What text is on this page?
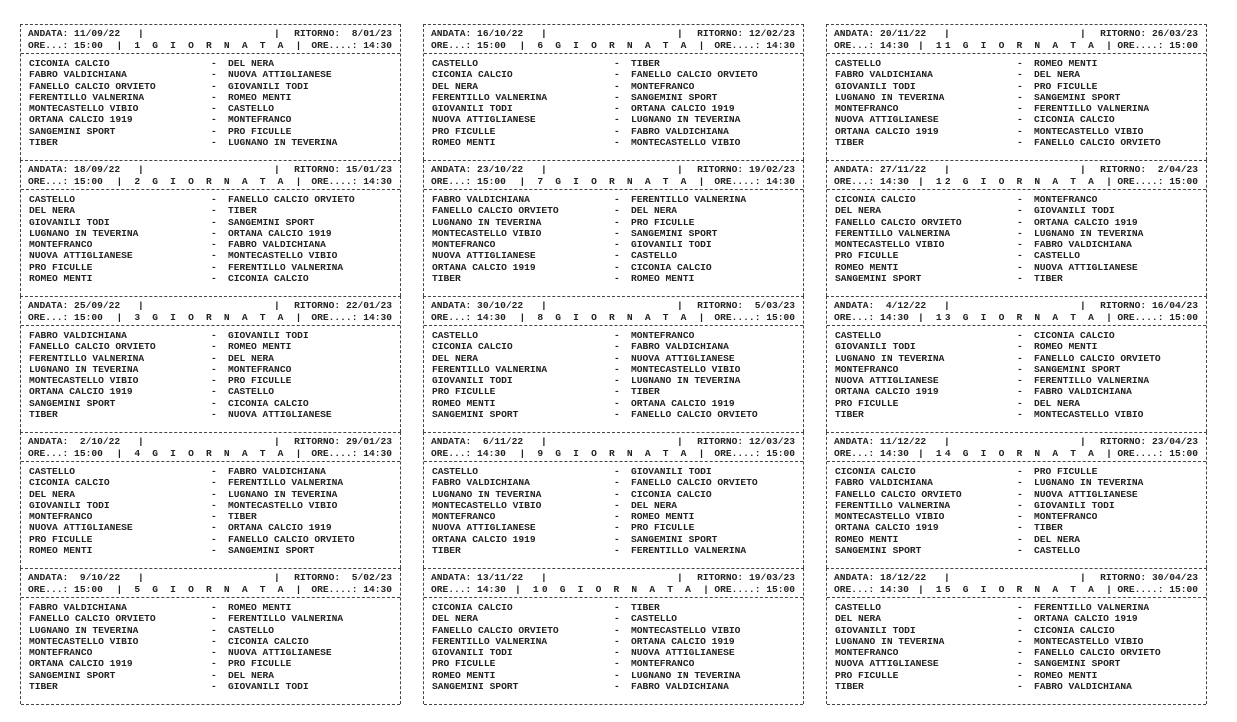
ANDATA: 11/09/22 |	| RITORNO:  8/01/23
ORE...: 15:00	| 1 G I O R N A T A | ORE....: 14:30
CICONIA CALCIO	- DEL NERA
FABRO VALDICHIANA	- NUOVA ATTIGLIANESE
FANELLO CALCIO ORVIETO	- GIOVANILI TODI
FERENTILLO VALNERINA	- ROMEO MENTI
MONTECASTELLO VIBIO	- CASTELLO
ORTANA CALCIO 1919	- MONTEFRANCO
SANGEMINI SPORT	- PRO FICULLE
TIBER	- LUGNANO IN TEVERINA
ANDATA: 16/10/22 |	| RITORNO: 12/02/23
ORE...: 15:00	| 6 G I O R N A T A | ORE....: 14:30
CASTELLO	- TIBER
CICONIA CALCIO	- FANELLO CALCIO ORVIETO
DEL NERA	- MONTEFRANCO
FERENTILLO VALNERINA	- SANGEMINI SPORT
GIOVANILI TODI	- ORTANA CALCIO 1919
NUOVA ATTIGLIANESE	- LUGNANO IN TEVERINA
PRO FICULLE	- FABRO VALDICHIANA
ROMEO MENTI	- MONTECASTELLO VIBIO
ANDATA: 20/11/22 |	| RITORNO: 26/03/23
ORE...: 14:30 | 11 G I O R N A T A | ORE....: 15:00
CASTELLO	- ROMEO MENTI
FABRO VALDICHIANA	- DEL NERA
GIOVANILI TODI	- PRO FICULLE
LUGNANO IN TEVERINA	- SANGEMINI SPORT
MONTEFRANCO	- FERENTILLO VALNERINA
NUOVA ATTIGLIANESE	- CICONIA CALCIO
ORTANA CALCIO 1919	- MONTECASTELLO VIBIO
TIBER	- FANELLO CALCIO ORVIETO
ANDATA: 18/09/22 |	| RITORNO: 15/01/23
ORE...: 15:00	| 2 G I O R N A T A | ORE....: 14:30
CASTELLO	- FANELLO CALCIO ORVIETO
DEL NERA	- TIBER
GIOVANILI TODI	- SANGEMINI SPORT
LUGNANO IN TEVERINA	- ORTANA CALCIO 1919
MONTEFRANCO	- FABRO VALDICHIANA
NUOVA ATTIGLIANESE	- MONTECASTELLO VIBIO
PRO FICULLE	- FERENTILLO VALNERINA
ROMEO MENTI	- CICONIA CALCIO
ANDATA: 23/10/22 |	| RITORNO: 19/02/23
ORE...: 15:00	| 7 G I O R N A T A | ORE....: 14:30
FABRO VALDICHIANA	- FERENTILLO VALNERINA
FANELLO CALCIO ORVIETO	- DEL NERA
LUGNANO IN TEVERINA	- PRO FICULLE
MONTECASTELLO VIBIO	- SANGEMINI SPORT
MONTEFRANCO	- GIOVANILI TODI
NUOVA ATTIGLIANESE	- CASTELLO
ORTANA CALCIO 1919	- CICONIA CALCIO
TIBER	- ROMEO MENTI
ANDATA: 27/11/22 |	| RITORNO:  2/04/23
ORE...: 14:30 | 12 G I O R N A T A | ORE....: 15:00
CICONIA CALCIO	- MONTEFRANCO
DEL NERA	- GIOVANILI TODI
FANELLO CALCIO ORVIETO	- ORTANA CALCIO 1919
FERENTILLO VALNERINA	- LUGNANO IN TEVERINA
MONTECASTELLO VIBIO	- FABRO VALDICHIANA
PRO FICULLE	- CASTELLO
ROMEO MENTI	- NUOVA ATTIGLIANESE
SANGEMINI SPORT	- TIBER
ANDATA: 25/09/22 |	| RITORNO: 22/01/23
ORE...: 15:00	| 3 G I O R N A T A | ORE....: 14:30
FABRO VALDICHIANA	- GIOVANILI TODI
FANELLO CALCIO ORVIETO	- ROMEO MENTI
FERENTILLO VALNERINA	- DEL NERA
LUGNANO IN TEVERINA	- MONTEFRANCO
MONTECASTELLO VIBIO	- PRO FICULLE
ORTANA CALCIO 1919	- CASTELLO
SANGEMINI SPORT	- CICONIA CALCIO
TIBER	- NUOVA ATTIGLIANESE
ANDATA: 30/10/22 |	| RITORNO:  5/03/23
ORE...: 14:30	| 8 G I O R N A T A | ORE....: 15:00
CASTELLO	- MONTEFRANCO
CICONIA CALCIO	- FABRO VALDICHIANA
DEL NERA	- NUOVA ATTIGLIANESE
FERENTILLO VALNERINA	- MONTECASTELLO VIBIO
GIOVANILI TODI	- LUGNANO IN TEVERINA
PRO FICULLE	- TIBER
ROMEO MENTI	- ORTANA CALCIO 1919
SANGEMINI SPORT	- FANELLO CALCIO ORVIETO
ANDATA:  4/12/22 |	| RITORNO: 16/04/23
ORE...: 14:30 | 13 G I O R N A T A | ORE....: 15:00
CASTELLO	- CICONIA CALCIO
GIOVANILI TODI	- ROMEO MENTI
LUGNANO IN TEVERINA	- FANELLO CALCIO ORVIETO
MONTEFRANCO	- SANGEMINI SPORT
NUOVA ATTIGLIANESE	- FERENTILLO VALNERINA
ORTANA CALCIO 1919	- FABRO VALDICHIANA
PRO FICULLE	- DEL NERA
TIBER	- MONTECASTELLO VIBIO
ANDATA:  2/10/22 |	| RITORNO: 29/01/23
ORE...: 15:00	| 4 G I O R N A T A | ORE....: 14:30
CASTELLO	- FABRO VALDICHIANA
CICONIA CALCIO	- FERENTILLO VALNERINA
DEL NERA	- LUGNANO IN TEVERINA
GIOVANILI TODI	- MONTECASTELLO VIBIO
MONTEFRANCO	- TIBER
NUOVA ATTIGLIANESE	- ORTANA CALCIO 1919
PRO FICULLE	- FANELLO CALCIO ORVIETO
ROMEO MENTI	- SANGEMINI SPORT
ANDATA:  6/11/22 |	| RITORNO: 12/03/23
ORE...: 14:30	| 9 G I O R N A T A | ORE....: 15:00
CASTELLO	- GIOVANILI TODI
FABRO VALDICHIANA	- FANELLO CALCIO ORVIETO
LUGNANO IN TEVERINA	- CICONIA CALCIO
MONTECASTELLO VIBIO	- DEL NERA
MONTEFRANCO	- ROMEO MENTI
NUOVA ATTIGLIANESE	- PRO FICULLE
ORTANA CALCIO 1919	- SANGEMINI SPORT
TIBER	- FERENTILLO VALNERINA
ANDATA: 11/12/22 |	| RITORNO: 23/04/23
ORE...: 14:30 | 14 G I O R N A T A | ORE....: 15:00
CICONIA CALCIO	- PRO FICULLE
FABRO VALDICHIANA	- LUGNANO IN TEVERINA
FANELLO CALCIO ORVIETO	- NUOVA ATTIGLIANESE
FERENTILLO VALNERINA	- GIOVANILI TODI
MONTECASTELLO VIBIO	- MONTEFRANCO
ORTANA CALCIO 1919	- TIBER
ROMEO MENTI	- DEL NERA
SANGEMINI SPORT	- CASTELLO
ANDATA:  9/10/22 |	| RITORNO:  5/02/23
ORE...: 15:00	| 5 G I O R N A T A | ORE....: 14:30
FABRO VALDICHIANA	- ROMEO MENTI
FANELLO CALCIO ORVIETO	- FERENTILLO VALNERINA
LUGNANO IN TEVERINA	- CASTELLO
MONTECASTELLO VIBIO	- CICONIA CALCIO
MONTEFRANCO	- NUOVA ATTIGLIANESE
ORTANA CALCIO 1919	- PRO FICULLE
SANGEMINI SPORT	- DEL NERA
TIBER	- GIOVANILI TODI
ANDATA: 13/11/22 |	| RITORNO: 19/03/23
ORE...: 14:30 | 10 G I O R N A T A | ORE....: 15:00
CICONIA CALCIO	- TIBER
DEL NERA	- CASTELLO
FANELLO CALCIO ORVIETO	- MONTECASTELLO VIBIO
FERENTILLO VALNERINA	- ORTANA CALCIO 1919
GIOVANILI TODI	- NUOVA ATTIGLIANESE
PRO FICULLE	- MONTEFRANCO
ROMEO MENTI	- LUGNANO IN TEVERINA
SANGEMINI SPORT	- FABRO VALDICHIANA
ANDATA: 18/12/22 |	| RITORNO: 30/04/23
ORE...: 14:30 | 15 G I O R N A T A | ORE....: 15:00
CASTELLO	- FERENTILLO VALNERINA
DEL NERA	- ORTANA CALCIO 1919
GIOVANILI TODI	- CICONIA CALCIO
LUGNANO IN TEVERINA	- MONTECASTELLO VIBIO
MONTEFRANCO	- FANELLO CALCIO ORVIETO
NUOVA ATTIGLIANESE	- SANGEMINI SPORT
PRO FICULLE	- ROMEO MENTI
TIBER	- FABRO VALDICHIANA
